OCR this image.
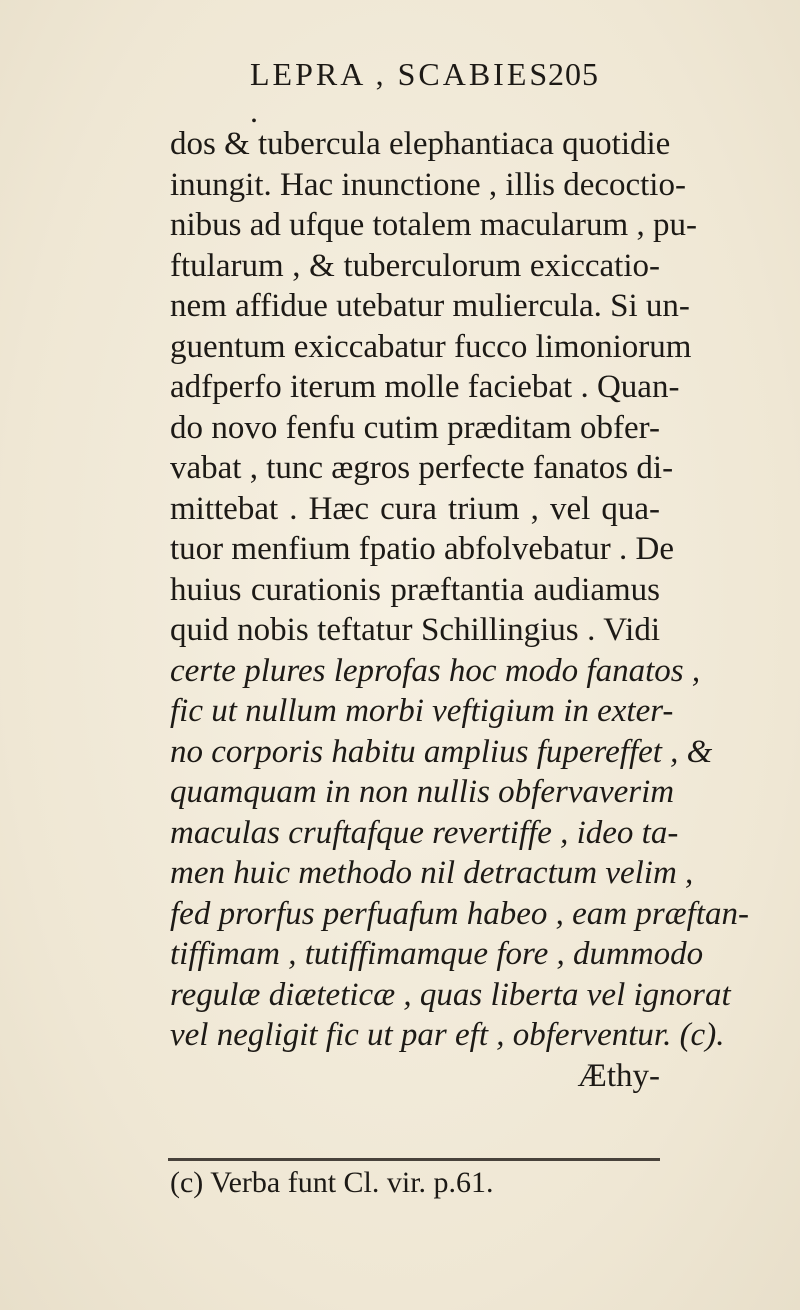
LEPRA , SCABIES .
205
dos & tubercula elephantiaca quotidie
inungit. Hac inunctione , illis decoctio-
nibus ad ufque totalem macularum , pu-
ftularum , & tuberculorum exiccatio-
nem affidue utebatur muliercula. Si un-
guentum exiccabatur fucco limoniorum
adfperfo iterum molle faciebat . Quan-
do novo fenfu cutim præditam obfer-
vabat , tunc ægros perfecte fanatos di-
mittebat . Hæc cura trium , vel qua-
tuor menfium fpatio abfolvebatur . De
huius curationis præftantia audiamus
quid nobis teftatur Schillingius . Vidi
certe plures leprofas hoc modo fanatos ,
fic ut nullum morbi veftigium in exter-
no corporis habitu amplius fupereffet , &
quamquam in non nullis obfervaverim
maculas cruftafque revertiffe , ideo ta-
men huic methodo nil detractum velim ,
fed prorfus perfuafum habeo , eam præftan-
tiffimam , tutiffimamque fore , dummodo
regulæ diæteticæ , quas liberta vel ignorat
vel negligit fic ut par eft , obferventur. (c).
Æthy-
(c) Verba funt Cl. vir. p.61.
